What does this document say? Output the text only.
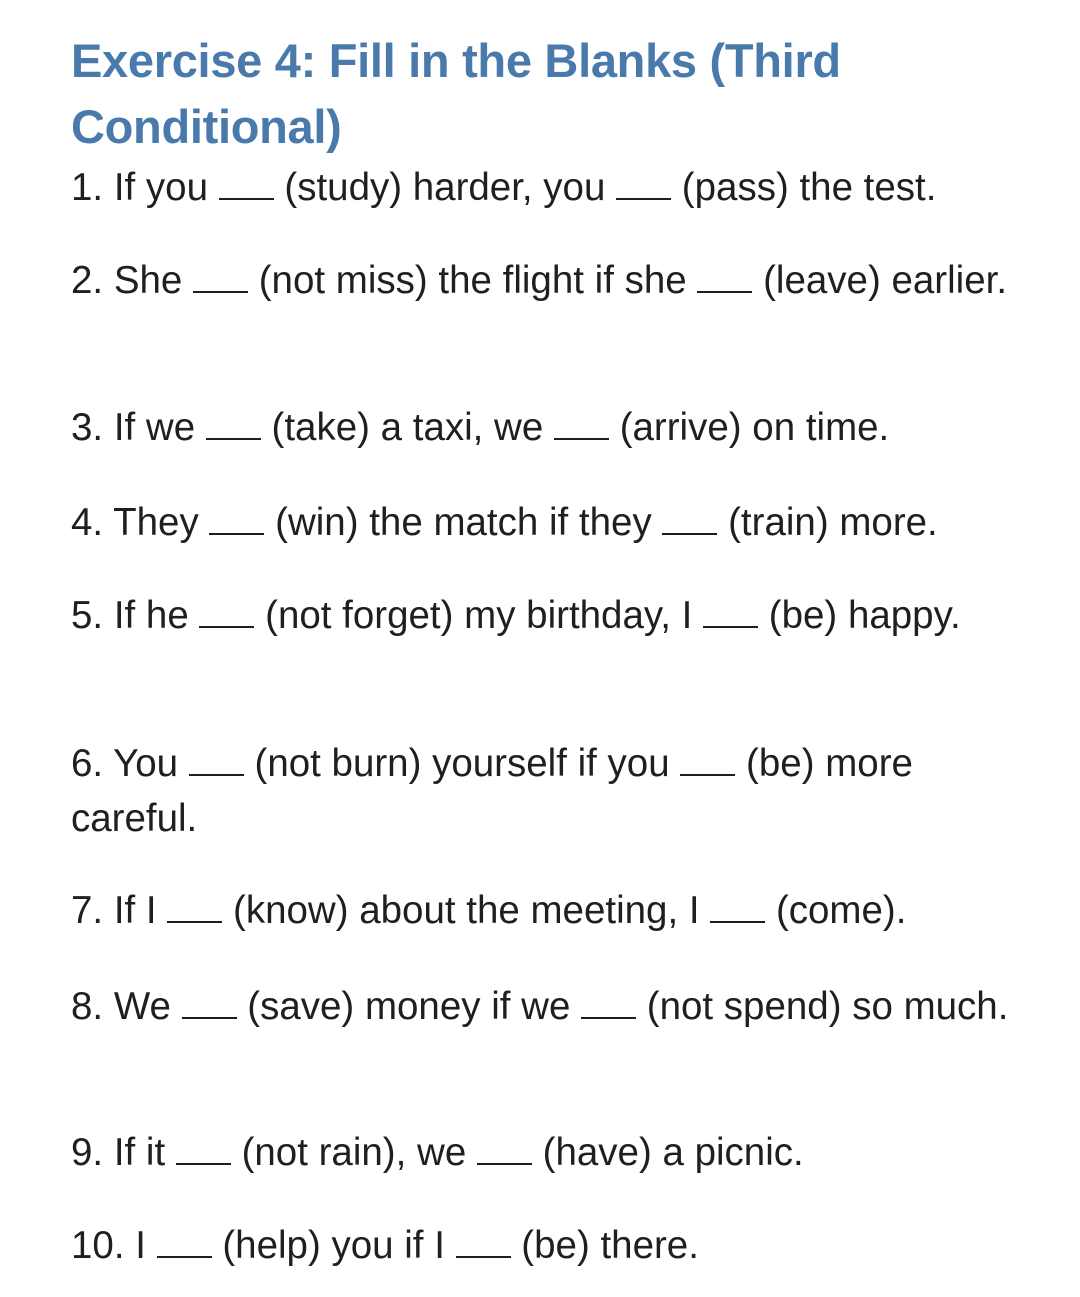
Exercise 4: Fill in the Blanks (Third Conditional)

1. If you (study) harder, you (pass) the test.

2. She (not miss) the flight if she (leave) earlier.

3. If we (take) a taxi, we (arrive) on time.

4. They (win) the match if they (train) more.

5. If he (not forget) my birthday, I (be) happy.

6. You (not burn) yourself if you (be) more careful.

7. If I (know) about the meeting, I (come).

8. We (save) money if we (not spend) so much.

9. If it (not rain), we (have) a picnic.

10. I (help) you if I (be) there.
